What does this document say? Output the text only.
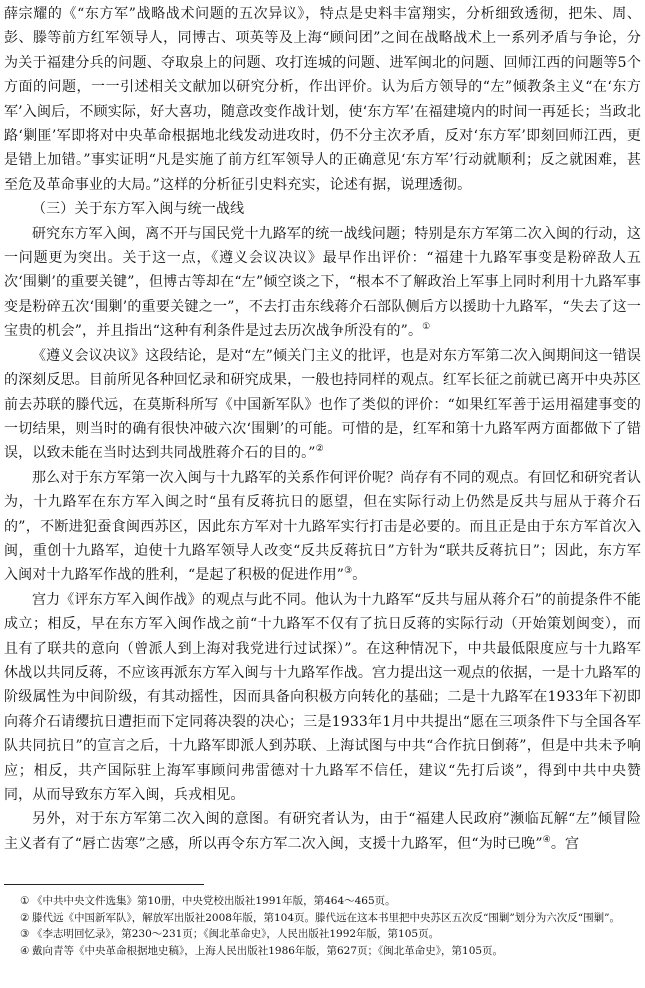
薛宗耀的《“东方军”战略战术问题的五次异议》，特点是史料丰富翔实，分析细致透彻，把朱、周、彭、滕等前方红军领导人，同博古、项英等及上海“顾问团”之间在战略战术上一系列矛盾与争论，分为关于福建分兵的问题、夺取泉上的问题、攻打连城的问题、进军闽北的问题、回师江西的问题等5个方面的问题，一一引述相关文献加以研究分析，作出评价。认为后方领导的“左”倾教条主义“在‘东方军’入闽后，不顾实际，好大喜功，随意改变作战计划，使‘东方军’在福建境内的时间一再延长；当政北路‘剿匪’军即将对中央革命根据地北线发动进攻时，仍不分主次矛盾，反对‘东方军’即刻回师江西，更是错上加错。”事实证明“凡是实施了前方红军领导人的正确意见‘东方军’行动就顺利；反之就困难，甚至危及革命事业的大局。”这样的分析征引史料充实，论述有据，说理透彻。

（三）关于东方军入闽与统一战线

研究东方军入闽，离不开与国民党十九路军的统一战线问题；特别是东方军第二次入闽的行动，这一问题更为突出。关于这一点，《遵义会议决议》最早作出评价：“福建十九路军事变是粉碎敌人五次‘围剿’的重要关键”，但博古等却在“左”倾空谈之下，“根本不了解政治上军事上同时利用十九路军事变是粉碎五次‘围剿’的重要关键之一”，不去打击东线蒋介石部队侧后方以援助十九路军，“失去了这一宝贵的机会”，并且指出“这种有利条件是过去历次战争所没有的”。①

《遵义会议决议》这段结论，是对“左”倾关门主义的批评，也是对东方军第二次入闽期间这一错误的深刻反思。目前所见各种回忆录和研究成果，一般也持同样的观点。红军长征之前就已离开中央苏区前去苏联的滕代远，在莫斯科所写《中国新军队》也作了类似的评价：“如果红军善于运用福建事变的一切结果，则当时的确有很快冲破六次‘围剿’的可能。可惜的是，红军和第十九路军两方面都做下了错误，以致未能在当时达到共同战胜蒋介石的目的。”②

那么对于东方军第一次入闽与十九路军的关系作何评价呢？尚存有不同的观点。有回忆和研究者认为，十九路军在东方军入闽之时“虽有反蒋抗日的愿望，但在实际行动上仍然是反共与屈从于蒋介石的”，不断进犯蚕食闽西苏区，因此东方军对十九路军实行打击是必要的。而且正是由于东方军首次入闽，重创十九路军，迫使十九路军领导人改变“反共反蒋抗日”方针为“联共反蒋抗日”；因此，东方军入闽对十九路军作战的胜利，“是起了积极的促进作用”③。

宫力《评东方军入闽作战》的观点与此不同。他认为十九路军“反共与屈从蒋介石”的前提条件不能成立；相反，早在东方军入闽作战之前“十九路军不仅有了抗日反蒋的实际行动（开始策划闽变），而且有了联共的意向（曾派人到上海对我党进行过试探）”。在这种情况下，中共最低限度应与十九路军休战以共同反蒋，不应该再派东方军入闽与十九路军作战。宫力提出这一观点的依据，一是十九路军的阶级属性为中间阶级，有其动摇性，因而具备向积极方向转化的基础；二是十九路军在1933年下初即向蒋介石请缨抗日遭拒而下定同蒋决裂的决心；三是1933年1月中共提出“愿在三项条件下与全国各军队共同抗日”的宣言之后，十九路军即派人到苏联、上海试图与中共“合作抗日倒蒋”，但是中共未予响应；相反，共产国际驻上海军事顾问弗雷德对十九路军不信任，建议“先打后谈”，得到中共中央赞同，从而导致东方军入闽，兵戎相见。

另外，对于东方军第二次入闽的意图。有研究者认为，由于“福建人民政府”濒临瓦解“左”倾冒险主义者有了“唇亡齿寒”之感，所以再令东方军二次入闽，支援十九路军，但“为时已晚”④。宫

① 《中共中央文件选集》第10册，中央党校出版社1991年版，第464～465页。

② 滕代远《中国新军队》，解放军出版社2008年版，第104页。滕代远在这本书里把中央苏区五次反“围剿”划分为六次反“围剿”。

③ 《李志明回忆录》，第230～231页；《闽北革命史》，人民出版社1992年版，第105页。

④ 戴向青等《中央革命根据地史稿》，上海人民出版社1986年版，第627页；《闽北革命史》，第105页。
